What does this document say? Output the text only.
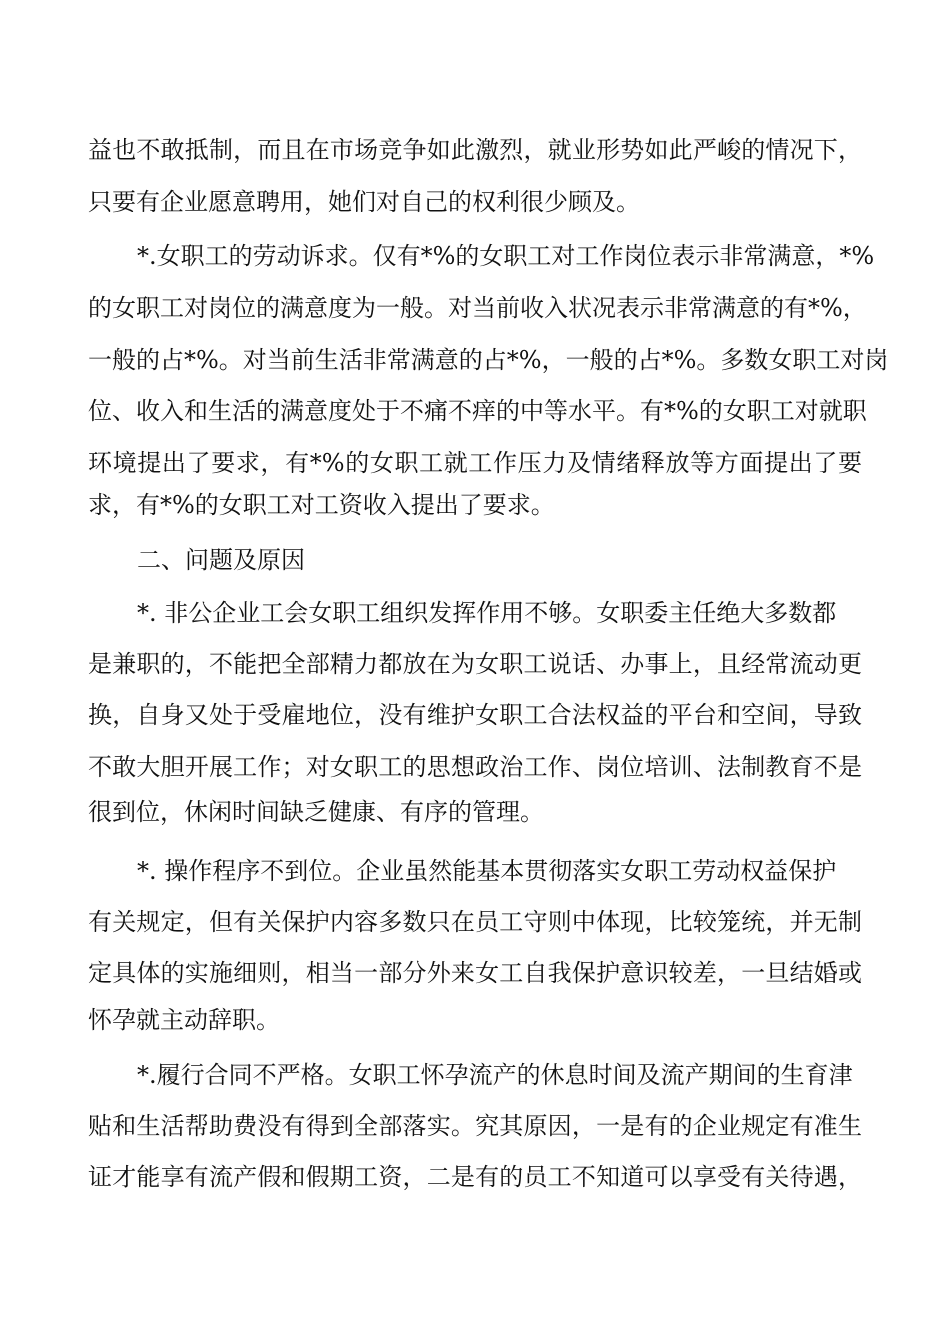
益也不敢抵制，而且在市场竞争如此激烈，就业形势如此严峻的情况下，
只要有企业愿意聘用，她们对自己的权利很少顾及。
*.女职工的劳动诉求。仅有*%的女职工对工作岗位表示非常满意，*%
的女职工对岗位的满意度为一般。对当前收入状况表示非常满意的有*%，
一般的占*%。对当前生活非常满意的占*%，一般的占*%。多数女职工对岗
位、收入和生活的满意度处于不痛不痒的中等水平。有*%的女职工对就职
环境提出了要求，有*%的女职工就工作压力及情绪释放等方面提出了要
求，有*%的女职工对工资收入提出了要求。
二、问题及原因
*. 非公企业工会女职工组织发挥作用不够。女职委主任绝大多数都
是兼职的，不能把全部精力都放在为女职工说话、办事上，且经常流动更
换，自身又处于受雇地位，没有维护女职工合法权益的平台和空间，导致
不敢大胆开展工作；对女职工的思想政治工作、岗位培训、法制教育不是
很到位，休闲时间缺乏健康、有序的管理。
*. 操作程序不到位。企业虽然能基本贯彻落实女职工劳动权益保护
有关规定，但有关保护内容多数只在员工守则中体现，比较笼统，并无制
定具体的实施细则，相当一部分外来女工自我保护意识较差，一旦结婚或
怀孕就主动辞职。
*.履行合同不严格。女职工怀孕流产的休息时间及流产期间的生育津
贴和生活帮助费没有得到全部落实。究其原因，一是有的企业规定有准生
证才能享有流产假和假期工资，二是有的员工不知道可以享受有关待遇，
